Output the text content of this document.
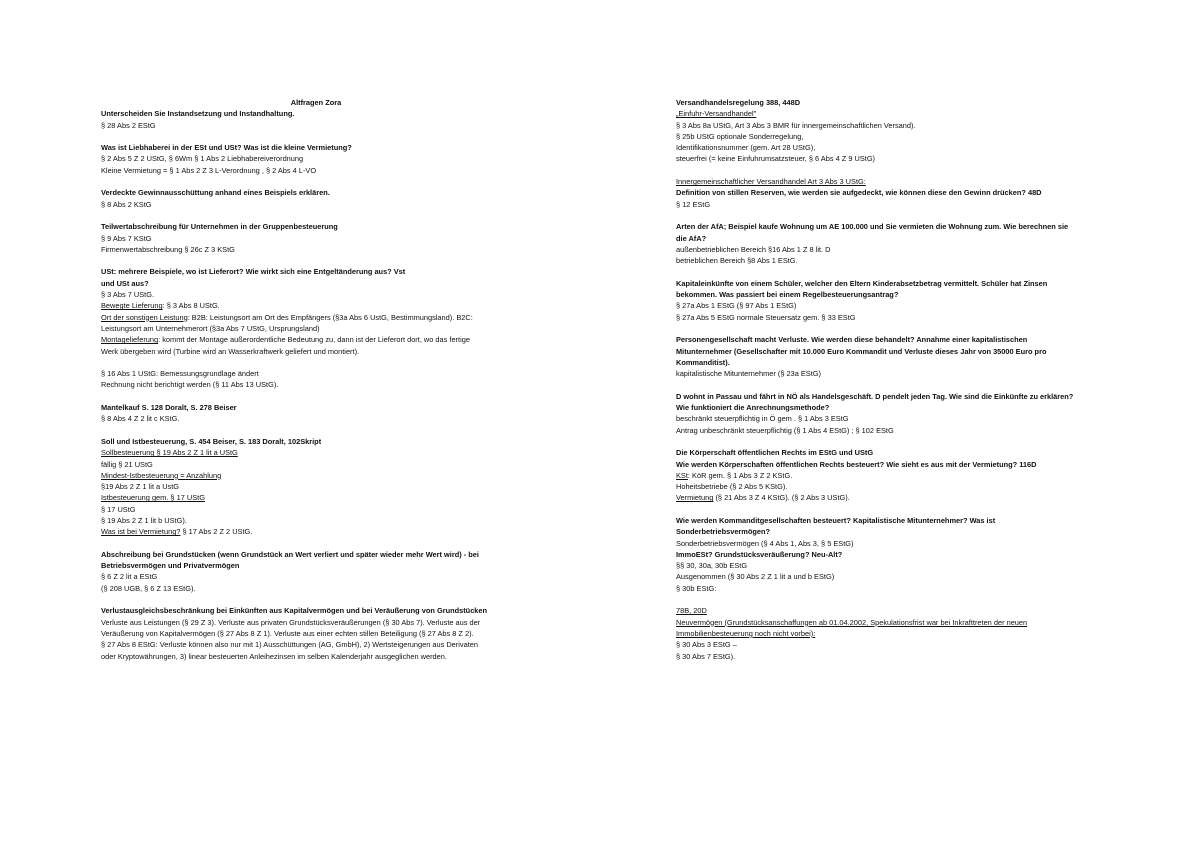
Altfragen Zora
Unterscheiden Sie Instandsetzung und Instandhaltung.
§ 28 Abs 2 EStG
Was ist Liebhaberei in der ESt und USt? Was ist die kleine Vermietung?
§ 2 Abs 5 Z 2 UStG, § 6Wm § 1 Abs 2 Liebhabereiverordnung
Kleine Vermietung = § 1 Abs 2 Z 3 L-Verordnung , § 2 Abs 4 L-VO
Verdeckte Gewinnausschüttung anhand eines Beispiels erklären.
§ 8 Abs 2 KStG
Teilwertabschreibung für Unternehmen in der Gruppenbesteuerung
§ 9 Abs 7 KStG
Firmenwertabschreibung § 26c Z 3 KStG
USt: mehrere Beispiele, wo ist Lieferort? Wie wirkt sich eine Entgeltänderung aus? Vst
und USt aus?
§ 3 Abs 7 UStG.
Bewegte Lieferung: § 3 Abs 8 UStG.
Ort der sonstigen Leistung: B2B: Leistungsort am Ort des Empfängers (§3a Abs 6 UstG, Bestimmungsland). B2C:
Leistungsort am Unternehmerort (§3a Abs 7 UStG, Ursprungsland)
Montagelieferung: kommt der Montage außerordentliche Bedeutung zu, dann ist der Lieferort dort, wo das fertige
Werk übergeben wird (Turbine wird an Wasserkraftwerk geliefert und montiert).
§ 16 Abs 1 UStG: Bemessungsgrundlage ändert
Rechnung nicht berichtigt werden (§ 11 Abs 13 UStG).
Mantelkauf S. 128 Doralt, S. 278 Beiser
§ 8 Abs 4 Z 2 lit c KStG.
Soll und Istbesteuerung, S. 454 Beiser, S. 183 Doralt, 102Skript
Sollbesteuerung § 19 Abs 2 Z 1 lit a UStG
fällig § 21 UStG
Mindest-Istbesteuerung = Anzahlung
§19 Abs 2 Z 1 lit a UstG
Istbesteuerung gem. § 17 UStG
§ 17 UStG
§ 19 Abs 2 Z 1 lit b UStG).
Was ist bei Vermietung? § 17 Abs 2 Z 2 UStG.
Abschreibung bei Grundstücken (wenn Grundstück an Wert verliert und später wieder mehr Wert wird) - bei
Betriebsvermögen und Privatvermögen
§ 6 Z 2 lit a EStG
(§ 208 UGB, § 6 Z 13 EStG).
Verlustausgleichsbeschränkung bei Einkünften aus Kapitalvermögen und bei Veräußerung von Grundstücken
Verluste aus Leistungen (§ 29 Z 3). Verluste aus privaten Grundstücksveräußerungen (§ 30 Abs 7). Verluste aus der
Veräußerung von Kapitalvermögen (§ 27 Abs 8 Z 1). Verluste aus einer echten stillen Beteiligung (§ 27 Abs 8 Z 2).
§ 27 Abs 8 EStG: Verluste können also nur mit 1) Ausschüttungen (AG, GmbH), 2) Wertsteigerungen aus Derivaten
oder Kryptowährungen, 3) linear besteuerten Anleihezinsen im selben Kalenderjahr ausgeglichen werden.
Versandhandelsregelung 388, 448D
„Einfuhr-Versandhandel"
§ 3 Abs 8a UStG, Art 3 Abs 3 BMR für innergemeinschaftlichen Versand).
§ 25b UStG optionale Sonderregelung,
Identifikationsnummer (gem. Art 28 UStG),
steuerfrei (= keine Einfuhrumsatzsteuer, § 6 Abs 4 Z 9 UStG)
Innergemeinschaftlicher Versandhandel Art 3 Abs 3 UStG:
Definition von stillen Reserven, wie werden sie aufgedeckt, wie können diese den Gewinn drücken? 48D
§ 12 EStG
Arten der AfA; Beispiel kaufe Wohnung um AE 100.000 und Sie vermieten die Wohnung zum. Wie berechnen sie
die AfA?
außenbetrieblichen Bereich §16 Abs 1 Z 8 lit. D
betrieblichen Bereich §8 Abs 1 EStG.
Kapitaleinkünfte von einem Schüler, welcher den Eltern Kinderabsetzbetrag vermittelt. Schüler hat Zinsen
bekommen. Was passiert bei einem Regelbesteuerungsantrag?
§ 27a Abs 1 EStG (§ 97 Abs 1 EStG)
§ 27a Abs 5 EStG normale Steuersatz gem. § 33 EStG
Personengesellschaft macht Verluste. Wie werden diese behandelt? Annahme einer kapitalistischen
Mitunternehmer (Gesellschafter mit 10.000 Euro Kommandit und Verluste dieses Jahr von 35000 Euro pro
Kommanditist).
kapitalistische Mitunternehmer (§ 23a EStG)
D wohnt in Passau und fährt in NÖ als Handelsgeschäft. D pendelt jeden Tag. Wie sind die Einkünfte zu erklären?
Wie funktioniert die Anrechnungsmethode?
beschränkt steuerpflichtig in Ö gem . § 1 Abs 3 EStG
Antrag unbeschränkt steuerpflichtig (§ 1 Abs 4 EStG) ; § 102 EStG
Die Körperschaft öffentlichen Rechts im EStG und UStG
Wie werden Körperschaften öffentlichen Rechts besteuert? Wie sieht es aus mit der Vermietung? 116D
KSt: KöR gem. § 1 Abs 3 Z 2 KStG.
Hoheitsbetriebe (§ 2 Abs 5 KStG).
Vermietung (§ 21 Abs 3 Z 4 KStG). (§ 2 Abs 3 UStG).
Wie werden Kommanditgesellschaften besteuert? Kapitalistische Mitunternehmer? Was ist
Sonderbetriebsvermögen?
Sonderbetriebsvermögen (§ 4 Abs 1, Abs 3, § 5 EStG)
ImmoESt? Grundstücksveräußerung? Neu-Alt?
§§ 30, 30a, 30b EStG
Ausgenommen (§ 30 Abs 2 Z 1 lit a und b EStG)
§ 30b EStG:
78B, 20D
Neuvermögen (Grundstücksanschaffungen ab 01.04.2002, Spekulationsfrist war bei Inkrafttreten der neuen
Immobilienbesteuerung noch nicht vorbei):
§ 30 Abs 3 EStG –
§ 30 Abs 7 EStG).
